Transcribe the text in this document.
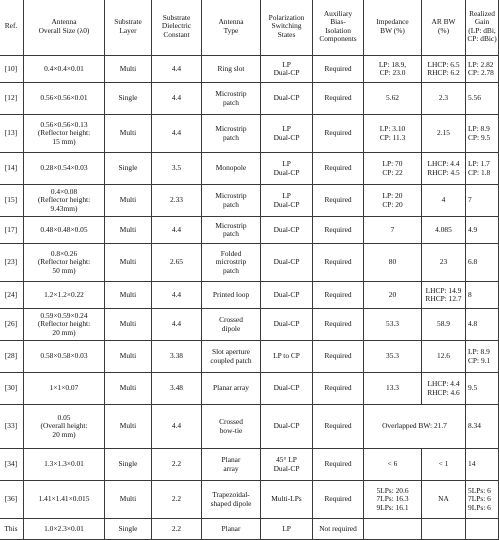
Ref.	Antenna
Overall Size (λ0)	Substrate
Layer	Substrate
Dielectric
Constant	Antenna
Type	Polarization
Switching
States	Auxiliary
Bias-
Isolation
Components	Impedance
BW (%)	AR BW
(%)	Realized
Gain
(LP: dBi,
CP: dBic)
[10]	0.4×0.4×0.01	Multi	4.4	Ring slot	LP
Dual-CP	Required	LP: 18.9,
CP: 23.0	LHCP: 6.5
RHCP: 6.2	LP: 2.82
CP: 2.78
[12]	0.56×0.56×0.01	Single	4.4	Microstrip
patch	Dual-CP	Required	5.62	2.3	5.56
[13]	0.56×0.56×0.13
(Reflector height:
15 mm)	Multi	4.4	Microstrip
patch	LP
Dual-CP	Required	LP: 3.10
CP: 11.3	2.15	LP: 8.9
CP: 9.5
[14]	0.28×0.54×0.03	Single	3.5	Monopole	LP
Dual-CP	Required	LP: 70
CP: 22	LHCP: 4.4
RHCP: 4.5	LP: 1.7
CP: 1.8
[15]	0.4×0.08
(Reflector height:
9.43mm)	Multi	2.33	Microstrip
patch	LP
Dual-CP	Required	LP: 20
CP: 20	4	7
[17]	0.48×0.48×0.05	Multi	4.4	Microstrip
patch	Dual-CP	Required	7	4.085	4.9
[23]	0.8×0.26
(Reflector height:
50 mm)	Multi	2.65	Folded
microstrip
patch	Dual-CP	Required	80	23	6.8
[24]	1.2×1.2×0.22	Multi	4.4	Printed loop	Dual-CP	Required	20	LHCP: 14.9
RHCP: 12.7	8
[26]	0.59×0.59×0.24
(Reflector height:
20 mm)	Multi	4.4	Crossed
dipole	Dual-CP	Required	53.3	58.9	4.8
[28]	0.58×0.58×0.03	Multi	3.38	Slot aperture
coupled patch	LP to CP	Required	35.3	12.6	LP: 8.9
CP: 9.1
[30]	1×1×0.07	Multi	3.48	Planar array	Dual-CP	Required	13.3	LHCP: 4.4
RHCP: 4.6	9.5
[33]	0.05
(Overall height:
20 mm)	Multi	4.4	Crossed
bow-tie	Dual-CP	Required	Overlapped BW: 21.7		8.34
[34]	1.3×1.3×0.01	Single	2.2	Planar
array	45° LP
Dual-CP	Required	< 6	< 1	14
[36]	1.41×1.41×0.015	Multi	2.2	Trapezoidal-
shaped dipole	Multi-LPs	Required	5LPs: 20.6
7LPs: 16.3
9LPs: 16.1	NA	5LPs: 6
7LPs: 6
9LPs: 6
This	1.0×2.3×0.01	Single	2.2	Planar	LP	Not required			
